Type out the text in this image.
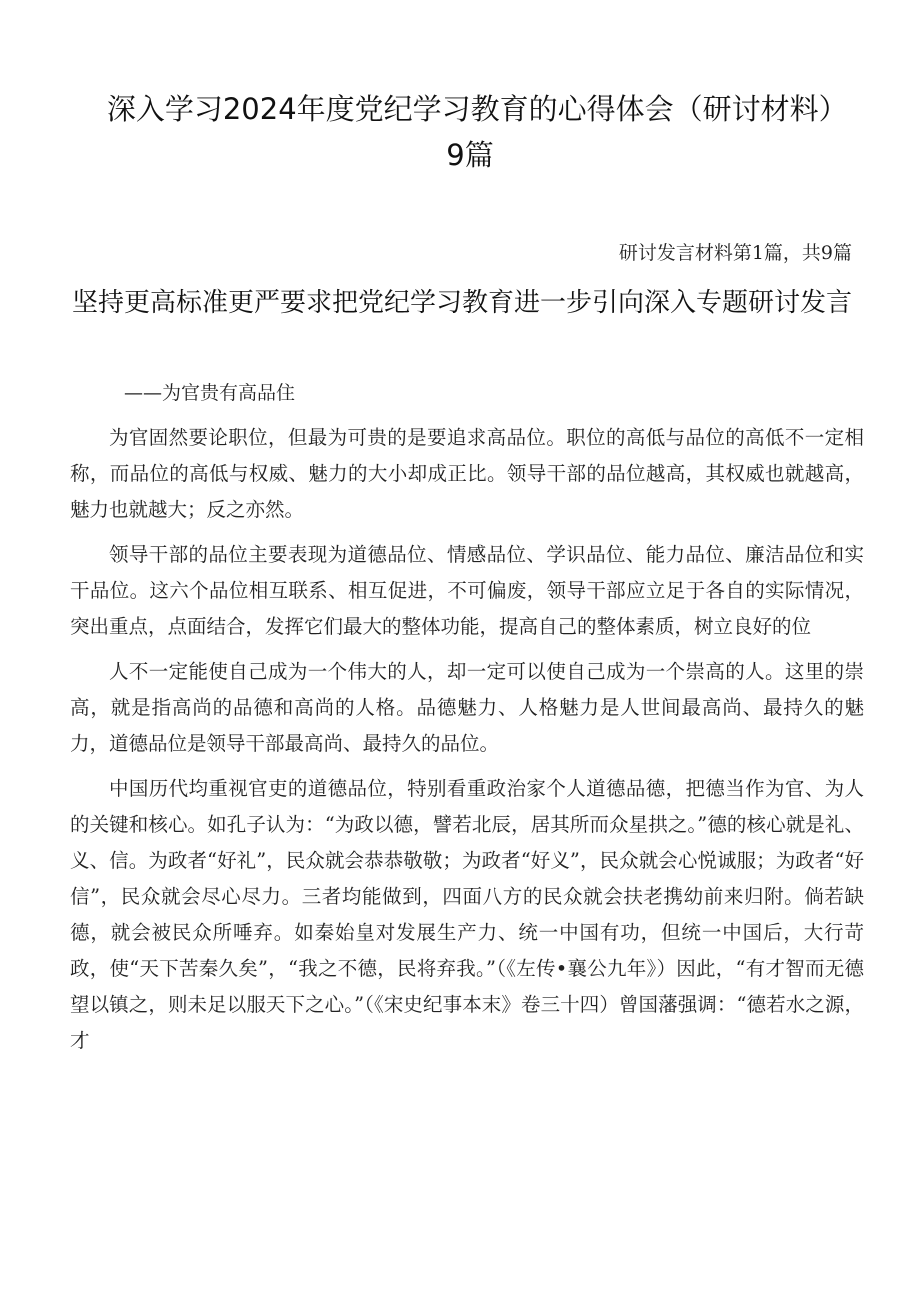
深入学习2024年度党纪学习教育的心得体会（研讨材料）9篇
研讨发言材料第1篇，共9篇
坚持更高标准更严要求把党纪学习教育进一步引向深入专题研讨发言
——为官贵有高品住

为官固然要论职位，但最为可贵的是要追求高品位。职位的高低与品位的高低不一定相称，而品位的高低与权威、魅力的大小却成正比。领导干部的品位越高，其权威也就越高，魅力也就越大；反之亦然。

领导干部的品位主要表现为道德品位、情感品位、学识品位、能力品位、廉洁品位和实干品位。这六个品位相互联系、相互促进，不可偏废，领导干部应立足于各自的实际情况，突出重点，点面结合，发挥它们最大的整体功能，提高自己的整体素质，树立良好的位

人不一定能使自己成为一个伟大的人，却一定可以使自己成为一个崇高的人。这里的崇高，就是指高尚的品德和高尚的人格。品德魅力、人格魅力是人世间最高尚、最持久的魅力，道德品位是领导干部最高尚、最持久的品位。

中国历代均重视官吏的道德品位，特别看重政治家个人道德品德，把德当作为官、为人的关键和核心。如孔子认为：“为政以德，譬若北辰，居其所而众星拱之。”德的核心就是礼、义、信。为政者“好礼”，民众就会恭恭敬敬；为政者“好义”，民众就会心悦诚服；为政者“好信”，民众就会尽心尽力。三者均能做到，四面八方的民众就会扶老携幼前来归附。倘若缺德，就会被民众所唾弃。如秦始皇对发展生产力、统一中国有功，但统一中国后，大行苛政，使“天下苦秦久矣”，“我之不德，民将弃我。”（《左传•襄公九年》）因此，“有才智而无德望以镇之，则未足以服天下之心。”（《宋史纪事本末》卷三十四）曾国藩强调：“德若水之源，才
